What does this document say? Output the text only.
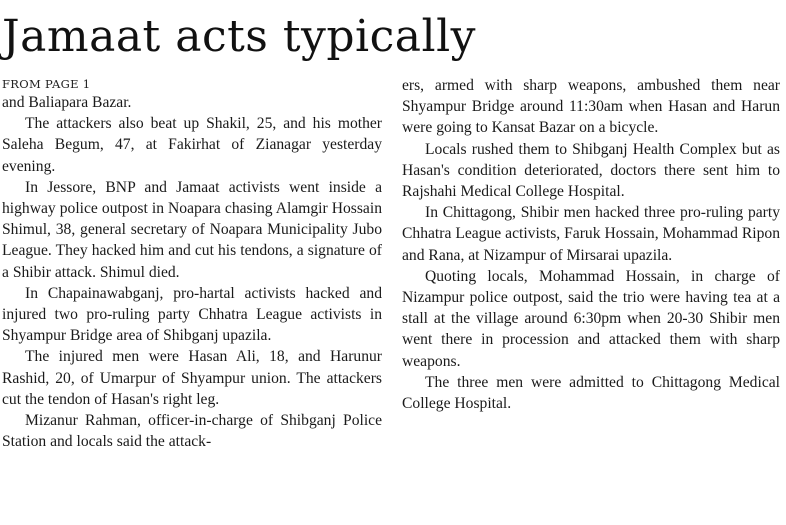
Jamaat acts typically
FROM PAGE 1

and Baliapara Bazar.

The attackers also beat up Shakil, 25, and his mother Saleha Begum, 47, at Fakirhat of Zianagar yesterday evening.

In Jessore, BNP and Jamaat activists went inside a highway police outpost in Noapara chasing Alamgir Hossain Shimul, 38, general secretary of Noapara Municipality Jubo League. They hacked him and cut his tendons, a signature of a Shibir attack. Shimul died.

In Chapainawabganj, pro-hartal activists hacked and injured two pro-ruling party Chhatra League activists in Shyampur Bridge area of Shibganj upazila.

The injured men were Hasan Ali, 18, and Harunur Rashid, 20, of Umarpur of Shyampur union. The attackers cut the tendon of Hasan's right leg.

Mizanur Rahman, officer-in-charge of Shibganj Police Station and locals said the attack-

ers, armed with sharp weapons, ambushed them near Shyampur Bridge around 11:30am when Hasan and Harun were going to Kansat Bazar on a bicycle.

Locals rushed them to Shibganj Health Complex but as Hasan's condition deteriorated, doctors there sent him to Rajshahi Medical College Hospital.

In Chittagong, Shibir men hacked three pro-ruling party Chhatra League activists, Faruk Hossain, Mohammad Ripon and Rana, at Nizampur of Mirsarai upazila.

Quoting locals, Mohammad Hossain, in charge of Nizampur police outpost, said the trio were having tea at a stall at the village around 6:30pm when 20-30 Shibir men went there in procession and attacked them with sharp weapons.

The three men were admitted to Chittagong Medical College Hospital.
